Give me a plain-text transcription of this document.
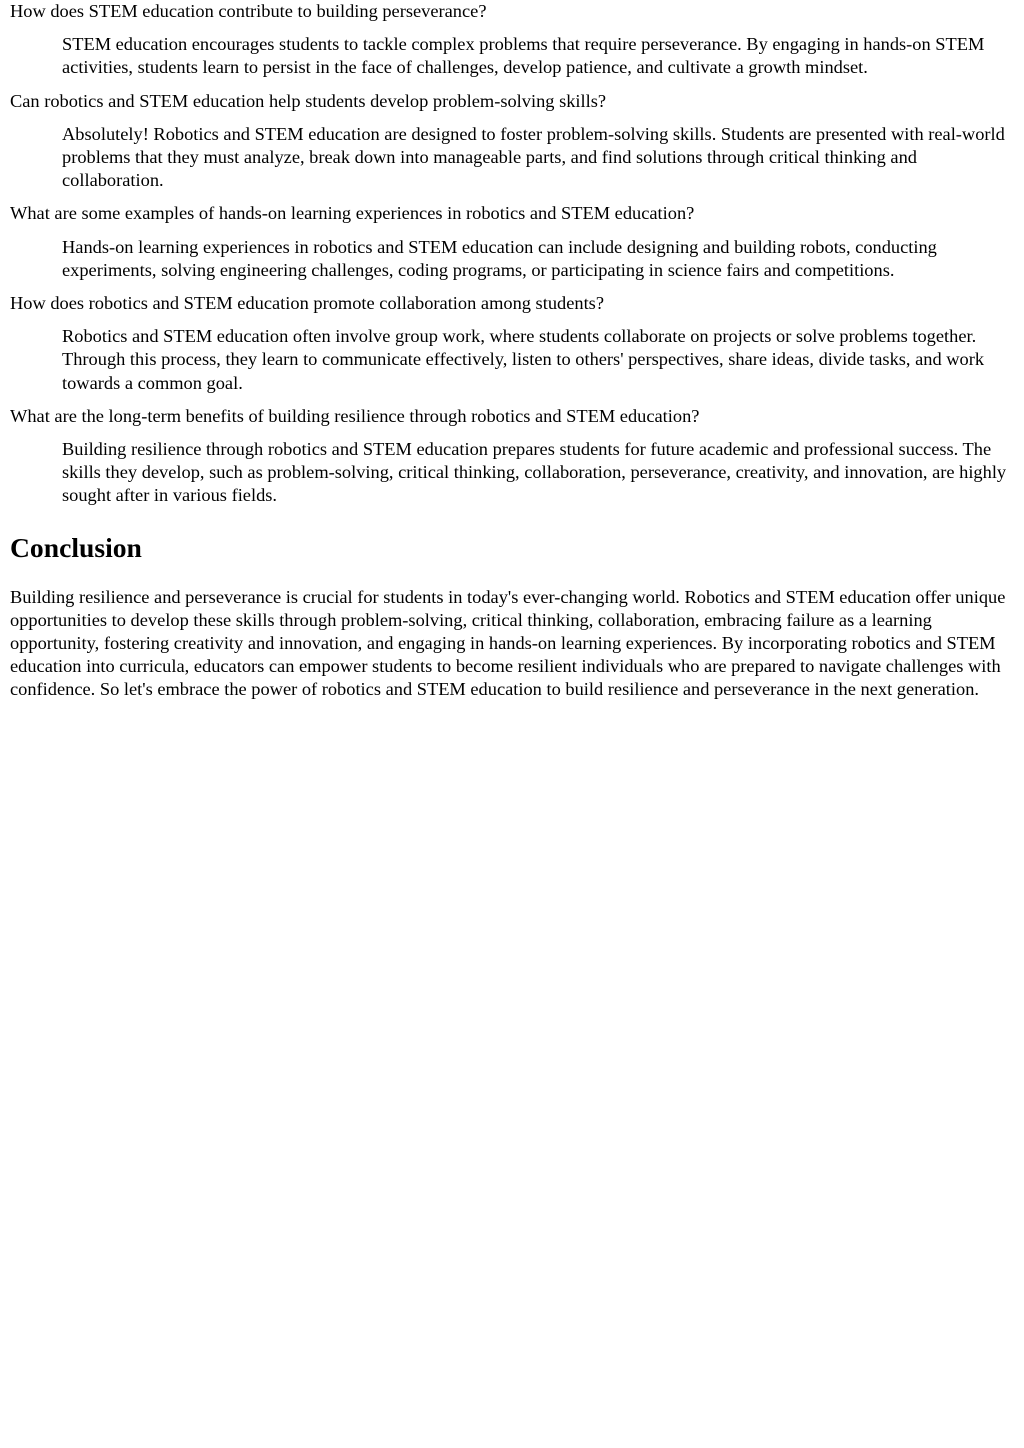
How does STEM education contribute to building perseverance?
STEM education encourages students to tackle complex problems that require perseverance. By engaging in hands-on STEM activities, students learn to persist in the face of challenges, develop patience, and cultivate a growth mindset.
Can robotics and STEM education help students develop problem-solving skills?
Absolutely! Robotics and STEM education are designed to foster problem-solving skills. Students are presented with real-world problems that they must analyze, break down into manageable parts, and find solutions through critical thinking and collaboration.
What are some examples of hands-on learning experiences in robotics and STEM education?
Hands-on learning experiences in robotics and STEM education can include designing and building robots, conducting experiments, solving engineering challenges, coding programs, or participating in science fairs and competitions.
How does robotics and STEM education promote collaboration among students?
Robotics and STEM education often involve group work, where students collaborate on projects or solve problems together. Through this process, they learn to communicate effectively, listen to others' perspectives, share ideas, divide tasks, and work towards a common goal.
What are the long-term benefits of building resilience through robotics and STEM education?
Building resilience through robotics and STEM education prepares students for future academic and professional success. The skills they develop, such as problem-solving, critical thinking, collaboration, perseverance, creativity, and innovation, are highly sought after in various fields.
Conclusion

Building resilience and perseverance is crucial for students in today's ever-changing world. Robotics and STEM education offer unique opportunities to develop these skills through problem-solving, critical thinking, collaboration, embracing failure as a learning opportunity, fostering creativity and innovation, and engaging in hands-on learning experiences. By incorporating robotics and STEM education into curricula, educators can empower students to become resilient individuals who are prepared to navigate challenges with confidence. So let's embrace the power of robotics and STEM education to build resilience and perseverance in the next generation.
